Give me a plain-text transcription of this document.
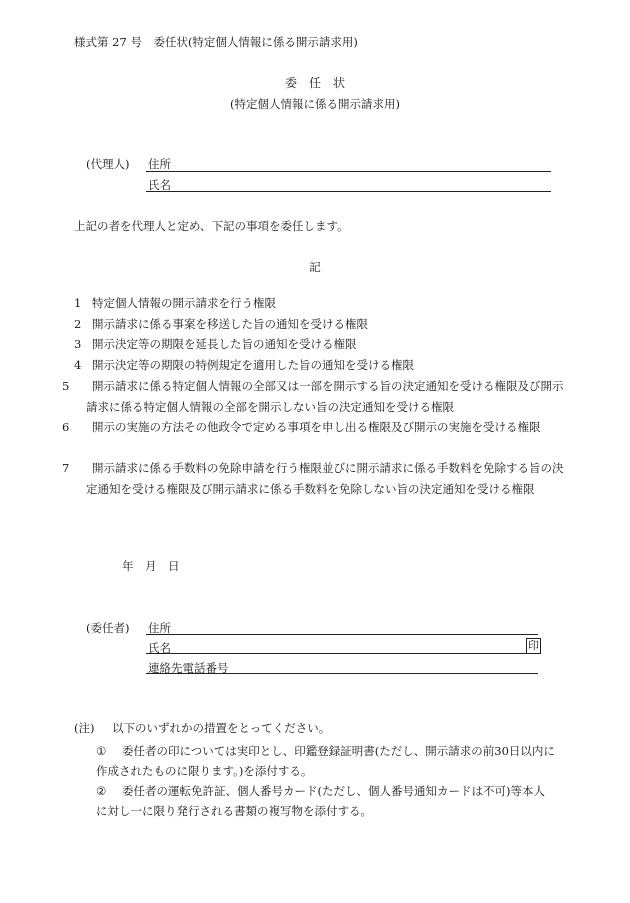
様式第 27 号　委任状(特定個人情報に係る開示請求用)
委　任　状
(特定個人情報に係る開示請求用)
(代理人) 住所
氏名
上記の者を代理人と定め、下記の事項を委任します。
記
1 特定個人情報の開示請求を行う権限
2 開示請求に係る事案を移送した旨の通知を受ける権限
3 開示決定等の期限を延長した旨の通知を受ける権限
4 開示決定等の期限の特例規定を適用した旨の通知を受ける権限
5 開示請求に係る特定個人情報の全部又は一部を開示する旨の決定通知を受ける権限及び開示請求に係る特定個人情報の全部を開示しない旨の決定通知を受ける権限
6 開示の実施の方法その他政令で定める事項を申し出る権限及び開示の実施を受ける権限
7 開示請求に係る手数料の免除申請を行う権限並びに開示請求に係る手数料を免除する旨の決定通知を受ける権限及び開示請求に係る手数料を免除しない旨の決定通知を受ける権限
年　月　日
(委任者) 住所
氏名	印
連絡先電話番号
(注) 以下のいずれかの措置をとってください。
① 委任者の印については実印とし、印鑑登録証明書(ただし、開示請求の前30日以内に作成されたものに限ります。)を添付する。
② 委任者の運転免許証、個人番号カード(ただし、個人番号通知カードは不可)等本人に対し一に限り発行される書類の複写物を添付する。
